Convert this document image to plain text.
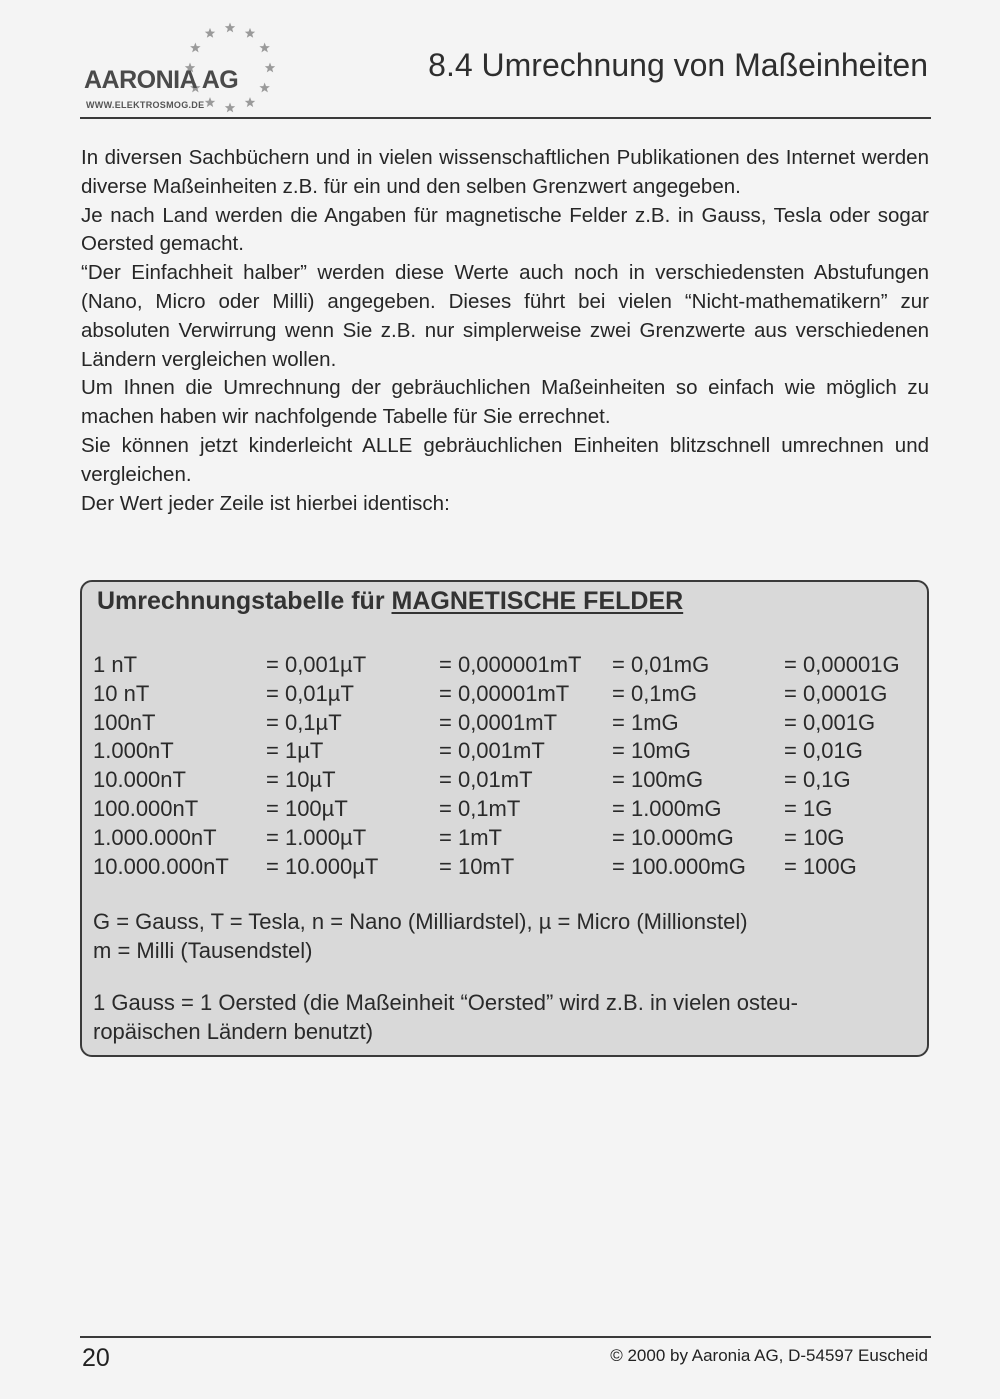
AARONIA AG
WWW.ELEKTROSMOG.DE
8.4 Umrechnung von Maßeinheiten

In diversen Sachbüchern und in vielen wissenschaftlichen Publikationen des Internet werden diverse Maßeinheiten z.B. für ein und den selben Grenzwert angegeben.

Je nach Land werden die Angaben für magnetische Felder z.B. in Gauss, Tesla oder sogar Oersted gemacht.

“Der Einfachheit halber” werden diese Werte auch noch in verschiedensten Abstufungen (Nano, Micro oder Milli) angegeben. Dieses führt bei vielen “Nicht-mathematikern” zur absoluten Verwirrung wenn Sie z.B. nur simplerweise zwei Grenzwerte aus verschiedenen Ländern vergleichen wollen.

Um Ihnen die Umrechnung der gebräuchlichen Maßeinheiten so einfach wie möglich zu machen haben wir nachfolgende Tabelle für Sie errechnet.

Sie können jetzt kinderleicht ALLE gebräuchlichen Einheiten blitzschnell umrechnen und vergleichen.

Der Wert jeder Zeile ist hierbei identisch:

Umrechnungstabelle für MAGNETISCHE FELDER
1 nT	= 0,001µT	= 0,000001mT	= 0,01mG	= 0,00001G
10 nT	= 0,01µT	= 0,00001mT	= 0,1mG	= 0,0001G
100nT	= 0,1µT	= 0,0001mT	= 1mG	= 0,001G
1.000nT	= 1µT	= 0,001mT	= 10mG	= 0,01G
10.000nT	= 10µT	= 0,01mT	= 100mG	= 0,1G
100.000nT	= 100µT	= 0,1mT	= 1.000mG	= 1G
1.000.000nT	= 1.000µT	= 1mT	= 10.000mG	= 10G
10.000.000nT	= 10.000µT	= 10mT	= 100.000mG	= 100G

G = Gauss, T = Tesla, n = Nano (Milliardstel), µ = Micro (Millionstel)

m = Milli (Tausendstel)

1 Gauss = 1 Oersted (die Maßeinheit “Oersted” wird z.B. in vielen osteu-

ropäischen Ländern benutzt)

20	© 2000 by Aaronia AG, D-54597 Euscheid
